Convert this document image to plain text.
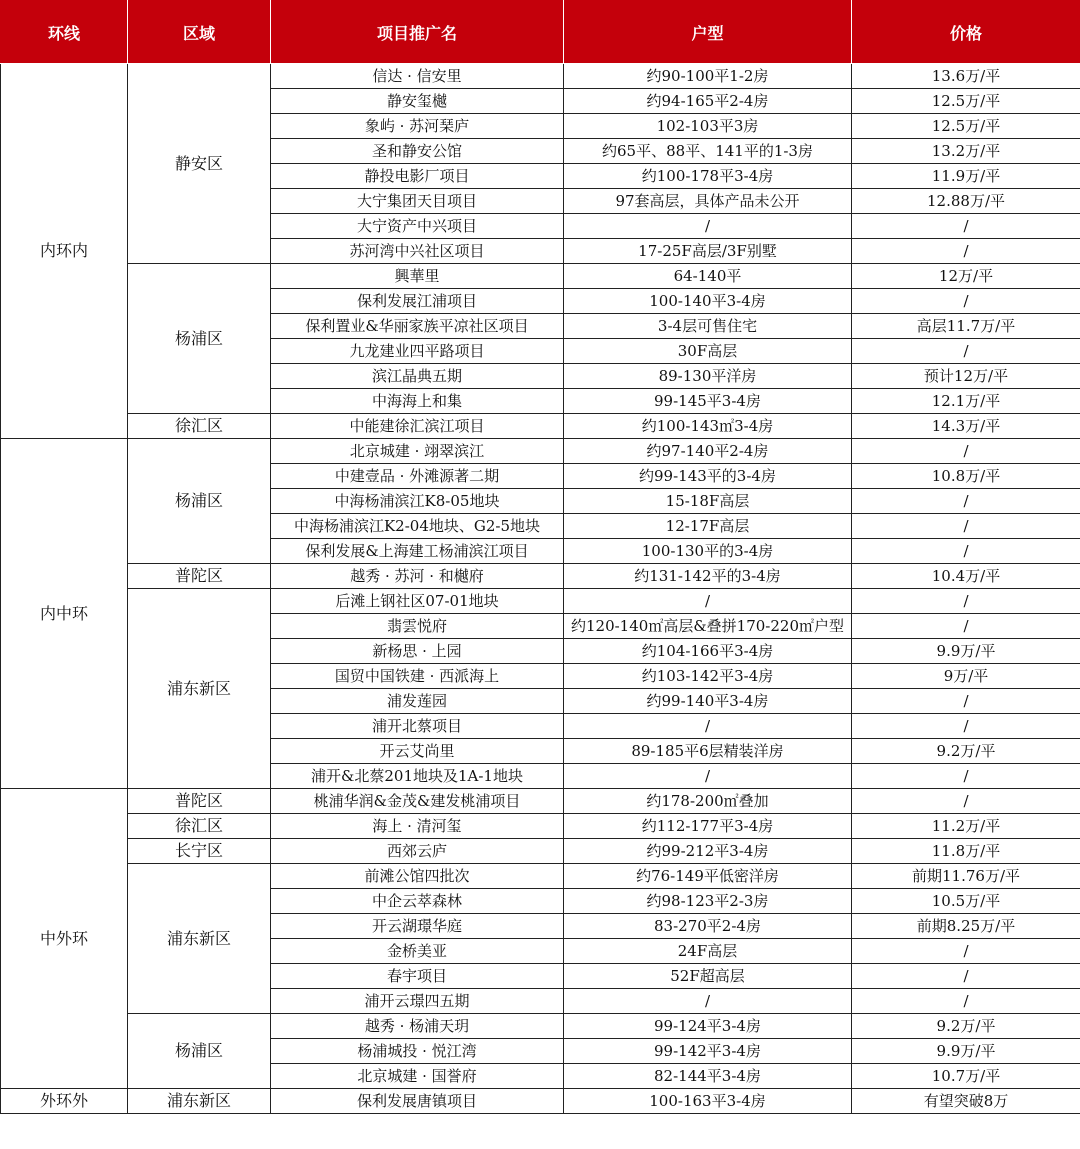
环线	区域	项目推广名	户型	价格
内环内	静安区	信达 · 信安里	约90-100平1-2房	13.6万/平
		静安玺樾	约94-165平2-4房	12.5万/平
		象屿 · 苏河琹庐	102-103平3房	12.5万/平
		圣和静安公馆	约65平、88平、141平的1-3房	13.2万/平
		静投电影厂项目	约100-178平3-4房	11.9万/平
		大宁集团天目项目	97套高层，具体产品未公开	12.88万/平
		大宁资产中兴项目	/	/
		苏河湾中兴社区项目	17-25F高层/3F别墅	/
	杨浦区	興華里	64-140平	12万/平
		保利发展江浦项目	100-140平3-4房	/
		保利置业&华丽家族平凉社区项目	3-4层可售住宅	高层11.7万/平
		九龙建业四平路项目	30F高层	/
		滨江晶典五期	89-130平洋房	预计12万/平
		中海海上和集	99-145平3-4房	12.1万/平
	徐汇区	中能建徐汇滨江项目	约100-143㎡3-4房	14.3万/平
内中环	杨浦区	北京城建 · 翊翠滨江	约97-140平2-4房	/
		中建壹品 · 外滩源著二期	约99-143平的3-4房	10.8万/平
		中海杨浦滨江K8-05地块	15-18F高层	/
		中海杨浦滨江K2-04地块、G2-5地块	12-17F高层	/
		保利发展&上海建工杨浦滨江项目	100-130平的3-4房	/
	普陀区	越秀 · 苏河 · 和樾府	约131-142平的3-4房	10.4万/平
	浦东新区	后滩上钢社区07-01地块	/	/
		翡雲悦府	约120-140㎡高层&叠拼170-220㎡户型	/
		新杨思 · 上园	约104-166平3-4房	9.9万/平
		国贸中国铁建 · 西派海上	约103-142平3-4房	9万/平
		浦发莲园	约99-140平3-4房	/
		浦开北蔡项目	/	/
		开云艾尚里	89-185平6层精装洋房	9.2万/平
		浦开&北蔡201地块及1A-1地块	/	/
中外环	普陀区	桃浦华润&金茂&建发桃浦项目	约178-200㎡叠加	/
	徐汇区	海上 · 清河玺	约112-177平3-4房	11.2万/平
	长宁区	西郊云庐	约99-212平3-4房	11.8万/平
	浦东新区	前滩公馆四批次	约76-149平低密洋房	前期11.76万/平
		中企云萃森林	约98-123平2-3房	10.5万/平
		开云湖璟华庭	83-270平2-4房	前期8.25万/平
		金桥美亚	24F高层	/
		春宇项目	52F超高层	/
		浦开云璟四五期	/	/
	杨浦区	越秀 · 杨浦天玥	99-124平3-4房	9.2万/平
		杨浦城投 · 悦江湾	99-142平3-4房	9.9万/平
		北京城建 · 国誉府	82-144平3-4房	10.7万/平
外环外	浦东新区	保利发展唐镇项目	100-163平3-4房	有望突破8万
